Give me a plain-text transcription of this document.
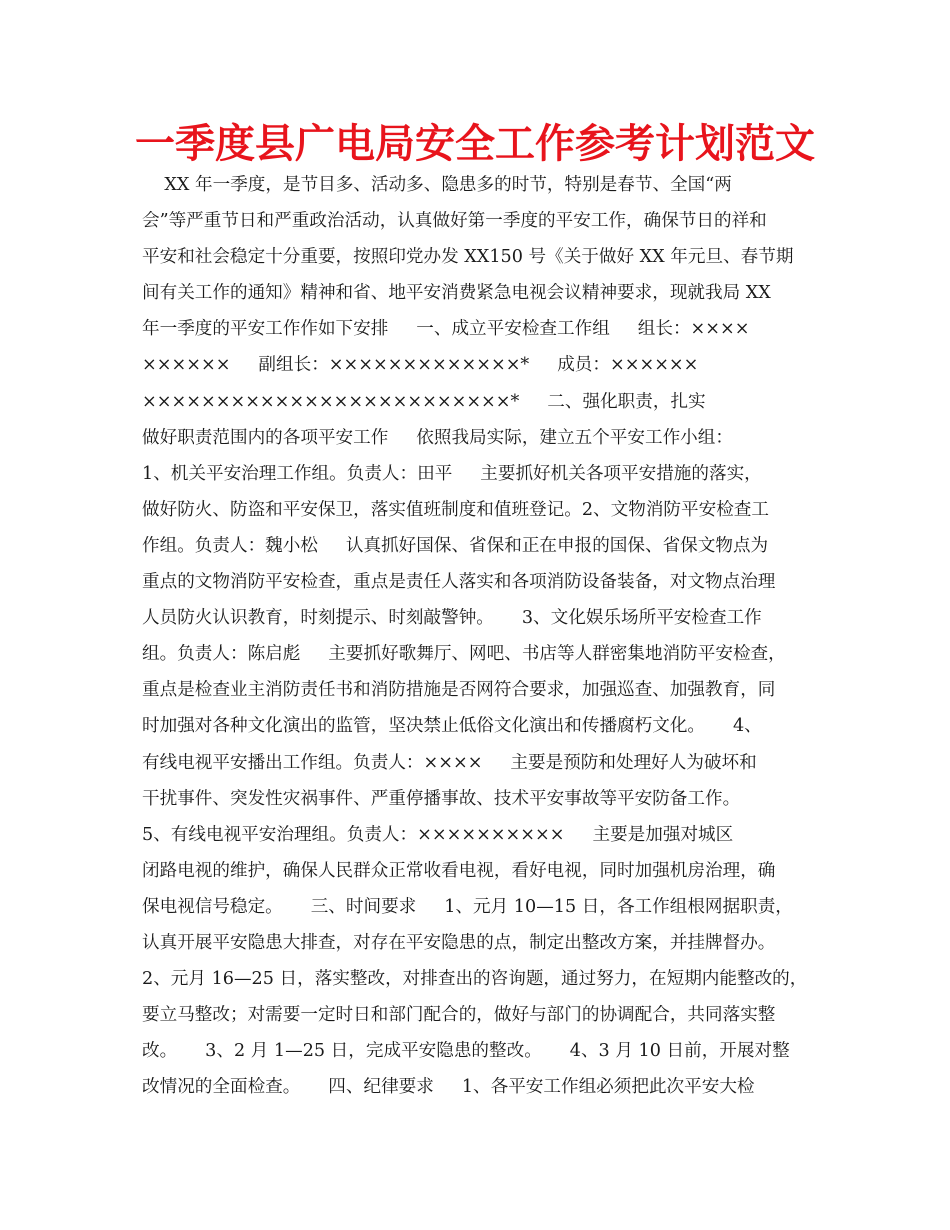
一季度县广电局安全工作参考计划范文
XX 年一季度，是节目多、活动多、隐患多的时节，特别是春节、全国“两
会”等严重节日和严重政治活动，认真做好第一季度的平安工作，确保节日的祥和
平安和社会稳定十分重要，按照印党办发 XX150 号《关于做好 XX 年元旦、春节期
间有关工作的通知》精神和省、地平安消费紧急电视会议精神要求，现就我局 XX
年一季度的平安工作作如下安排     一、成立平安检查工作组     组长：××××
××××××     副组长：×××××××××××××*     成员：××××××
×××××××××××××××××××××××××*     二、强化职责，扎实
做好职责范围内的各项平安工作     依照我局实际，建立五个平安工作小组：
1、机关平安治理工作组。负责人：田平     主要抓好机关各项平安措施的落实，
做好防火、防盗和平安保卫，落实值班制度和值班登记。2、文物消防平安检查工
作组。负责人：魏小松     认真抓好国保、省保和正在申报的国保、省保文物点为
重点的文物消防平安检查，重点是责任人落实和各项消防设备装备，对文物点治理
人员防火认识教育，时刻提示、时刻敲警钟。     3、文化娱乐场所平安检查工作
组。负责人：陈启彪     主要抓好歌舞厅、网吧、书店等人群密集地消防平安检查，
重点是检查业主消防责任书和消防措施是否网符合要求，加强巡查、加强教育，同
时加强对各种文化演出的监管，坚决禁止低俗文化演出和传播腐朽文化。     4、
有线电视平安播出工作组。负责人：××××     主要是预防和处理好人为破坏和
干扰事件、突发性灾祸事件、严重停播事故、技术平安事故等平安防备工作。
5、有线电视平安治理组。负责人：××××××××××     主要是加强对城区
闭路电视的维护，确保人民群众正常收看电视，看好电视，同时加强机房治理，确
保电视信号稳定。     三、时间要求     1、元月 10—15 日，各工作组根网据职责，
认真开展平安隐患大排查，对存在平安隐患的点，制定出整改方案，并挂牌督办。
2、元月 16—25 日，落实整改，对排查出的咨询题，通过努力，在短期内能整改的，
要立马整改；对需要一定时日和部门配合的，做好与部门的协调配合，共同落实整
改。     3、2 月 1—25 日，完成平安隐患的整改。     4、3 月 10 日前，开展对整
改情况的全面检查。     四、纪律要求     1、各平安工作组必须把此次平安大检
